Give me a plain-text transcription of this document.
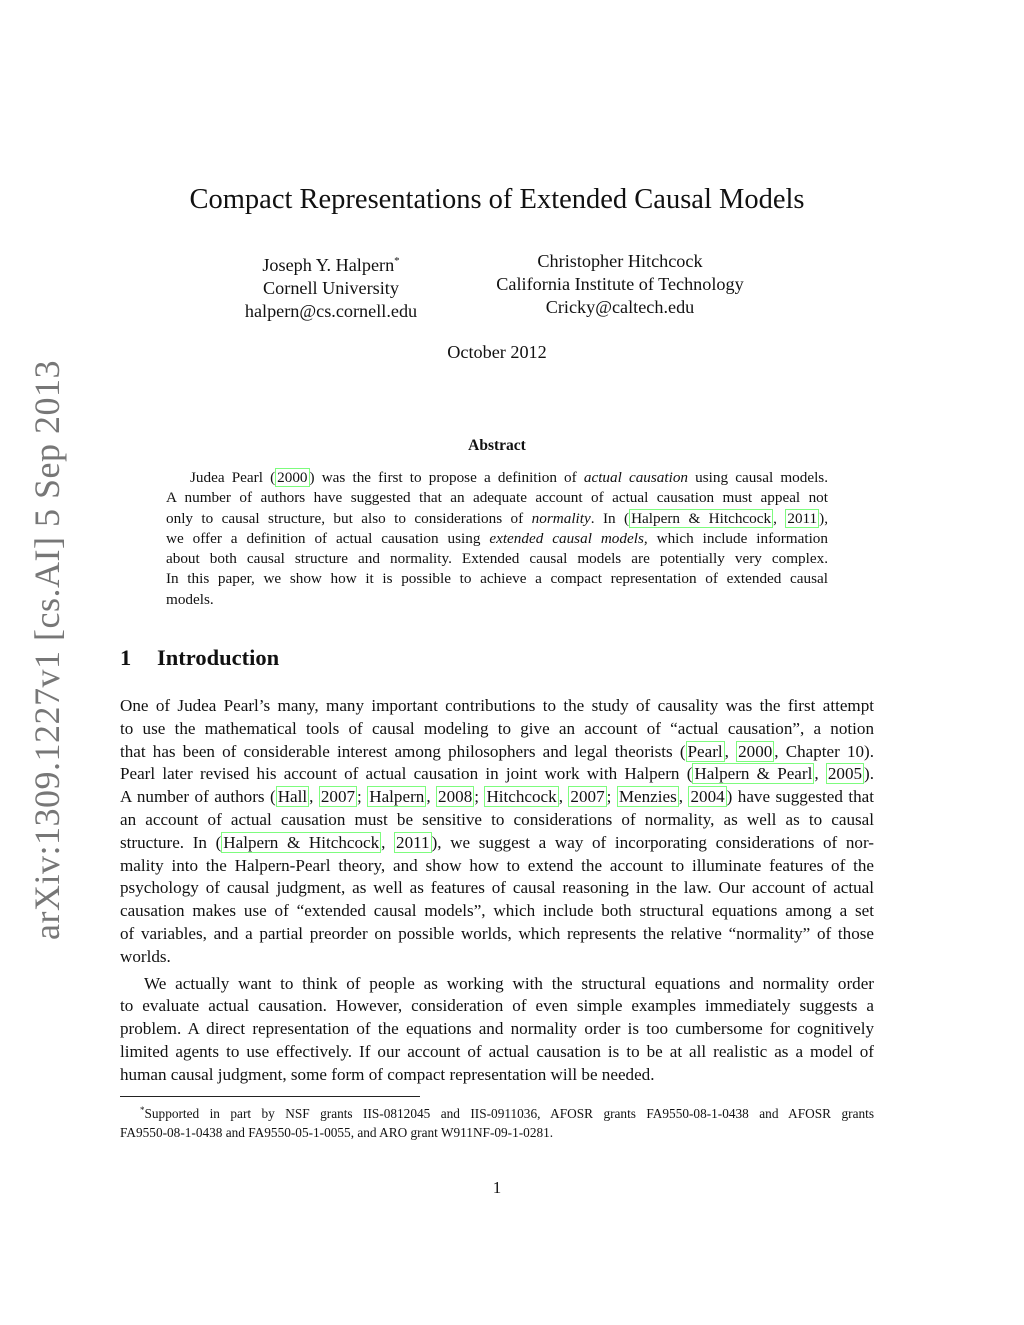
arXiv:1309.1227v1 [cs.AI] 5 Sep 2013
Compact Representations of Extended Causal Models
Joseph Y. Halpern*
Cornell University
halpern@cs.cornell.edu
Christopher Hitchcock
California Institute of Technology
Cricky@caltech.edu
October 2012
Abstract
Judea Pearl ( 2000 ) was the first to propose a definition of actual causation using causal models.
A number of authors have suggested that an adequate account of actual causation must appeal not
only to causal structure, but also to considerations of normality. In ( Halpern & Hitchcock , 2011 ),
we offer a definition of actual causation using extended causal models, which include information
about both causal structure and normality. Extended causal models are potentially very complex.
In this paper, we show how it is possible to achieve a compact representation of extended causal
models.
1 Introduction
One of Judea Pearl’s many, many important contributions to the study of causality was the first attempt
to use the mathematical tools of causal modeling to give an account of “actual causation”, a notion
that has been of considerable interest among philosophers and legal theorists ( Pearl , 2000 , Chapter 10).
Pearl later revised his account of actual causation in joint work with Halpern ( Halpern & Pearl , 2005 ).
A number of authors ( Hall , 2007 ; Halpern , 2008 ; Hitchcock , 2007 ; Menzies , 2004 ) have suggested that
an account of actual causation must be sensitive to considerations of normality, as well as to causal
structure. In ( Halpern & Hitchcock , 2011 ), we suggest a way of incorporating considerations of nor-
mality into the Halpern-Pearl theory, and show how to extend the account to illuminate features of the
psychology of causal judgment, as well as features of causal reasoning in the law. Our account of actual
causation makes use of “extended causal models”, which include both structural equations among a set
of variables, and a partial preorder on possible worlds, which represents the relative “normality” of those
worlds.
We actually want to think of people as working with the structural equations and normality order
to evaluate actual causation. However, consideration of even simple examples immediately suggests a
problem. A direct representation of the equations and normality order is too cumbersome for cognitively
limited agents to use effectively. If our account of actual causation is to be at all realistic as a model of
human causal judgment, some form of compact representation will be needed.
*Supported in part by NSF grants IIS-0812045 and IIS-0911036, AFOSR grants FA9550-08-1-0438 and AFOSR grants
FA9550-08-1-0438 and FA9550-05-1-0055, and ARO grant W911NF-09-1-0281.
1
